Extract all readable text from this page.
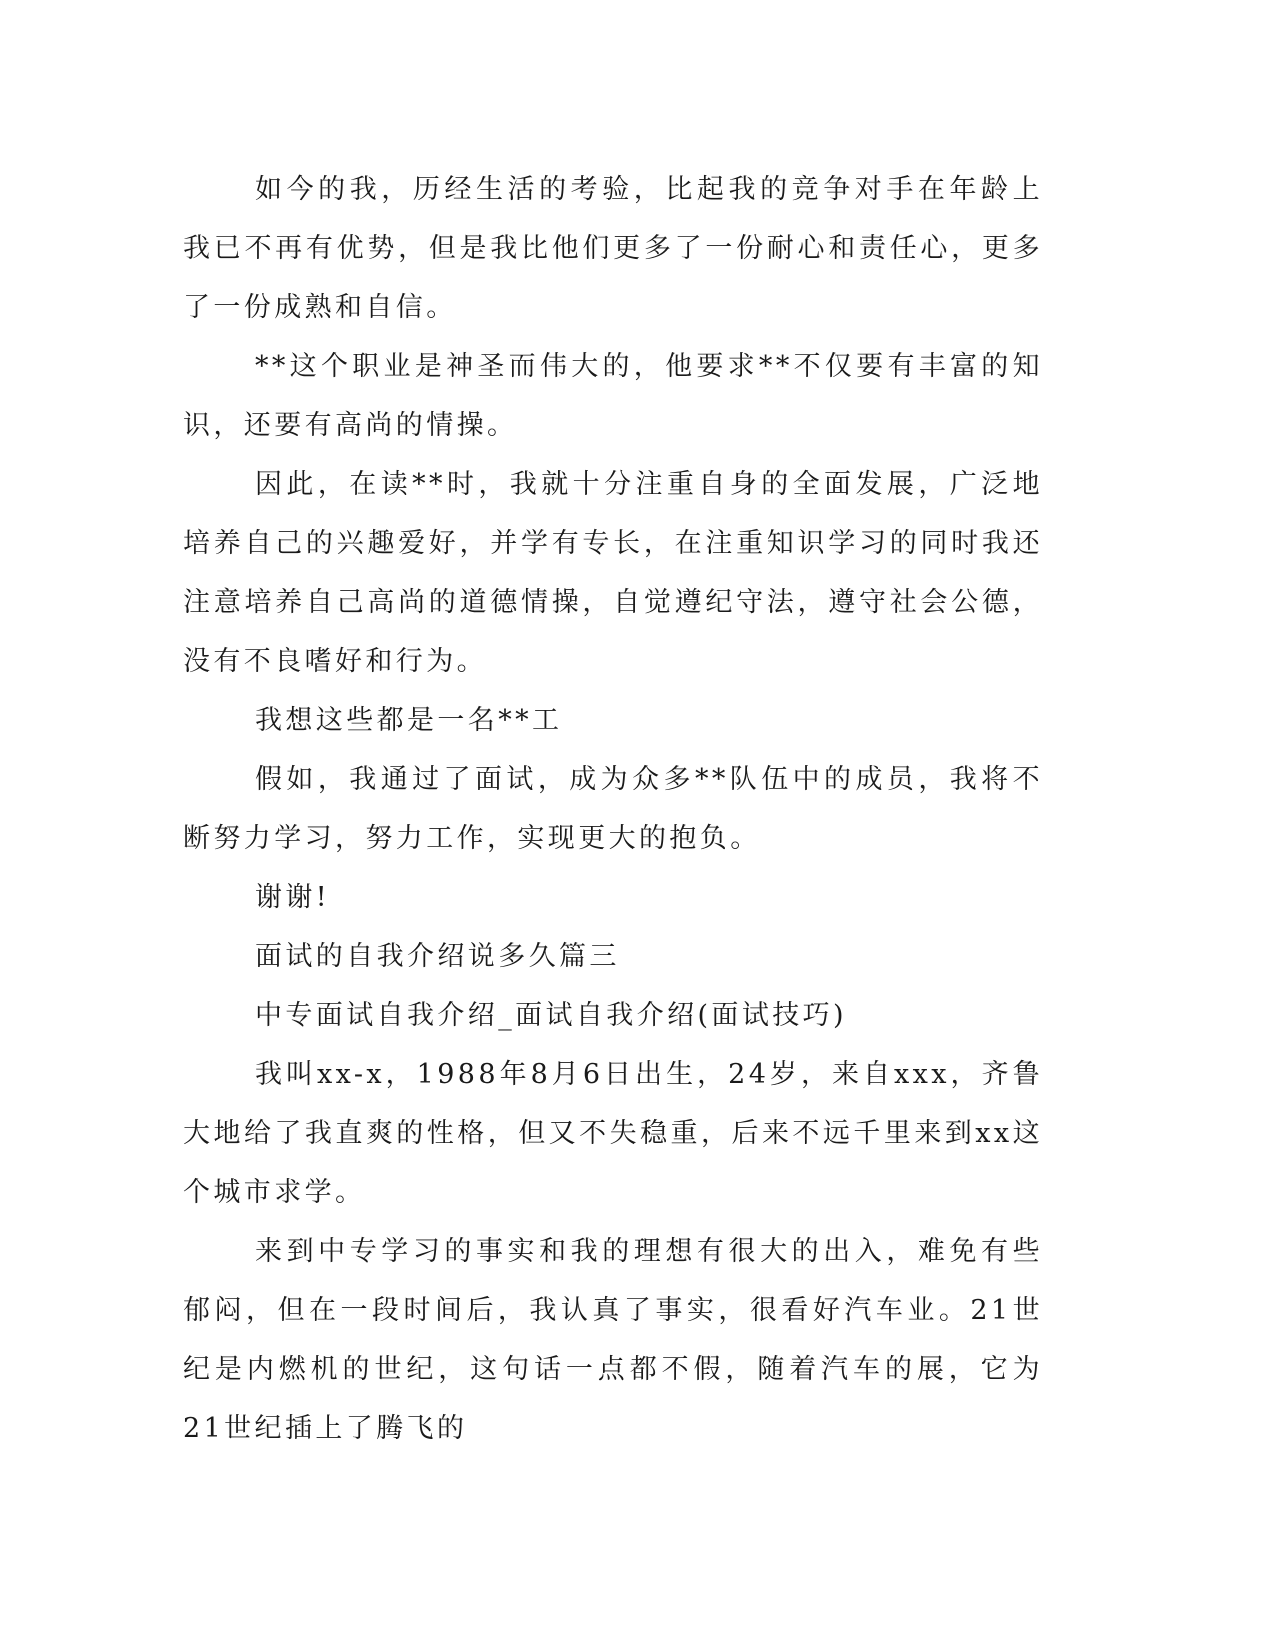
如今的我，历经生活的考验，比起我的竞争对手在年龄上我已不再有优势，但是我比他们更多了一份耐心和责任心，更多了一份成熟和自信。

**这个职业是神圣而伟大的，他要求**不仅要有丰富的知识，还要有高尚的情操。

因此，在读**时，我就十分注重自身的全面发展，广泛地培养自己的兴趣爱好，并学有专长，在注重知识学习的同时我还注意培养自己高尚的道德情操，自觉遵纪守法，遵守社会公德，没有不良嗜好和行为。

我想这些都是一名**工

假如，我通过了面试，成为众多**队伍中的成员，我将不断努力学习，努力工作，实现更大的抱负。

谢谢!

面试的自我介绍说多久篇三

中专面试自我介绍_面试自我介绍(面试技巧)

我叫xx-x，1988年8月6日出生，24岁，来自xxx，齐鲁大地给了我直爽的性格，但又不失稳重，后来不远千里来到xx这个城市求学。

来到中专学习的事实和我的理想有很大的出入，难免有些郁闷，但在一段时间后，我认真了事实，很看好汽车业。21世纪是内燃机的世纪，这句话一点都不假，随着汽车的展，它为21世纪插上了腾飞的
